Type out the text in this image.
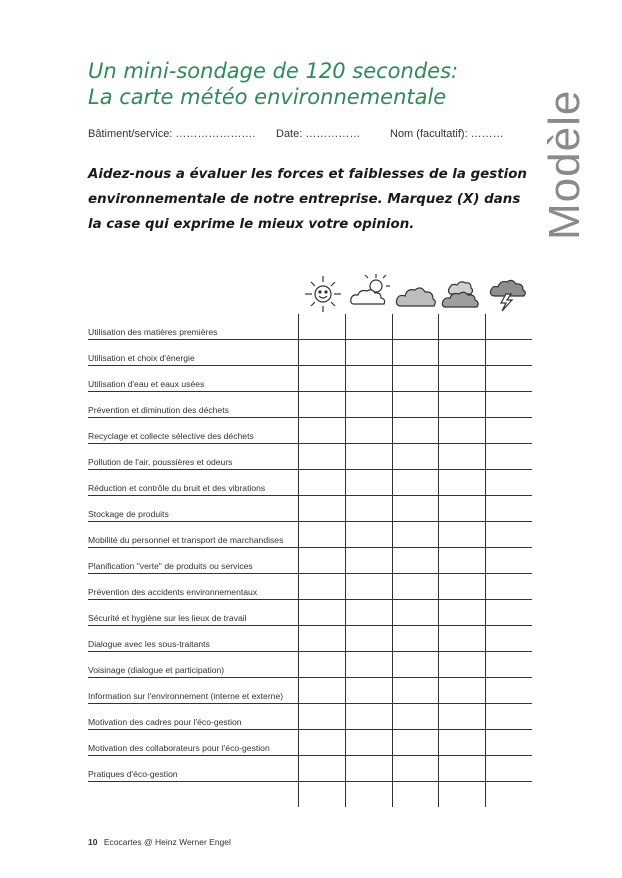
Un mini-sondage de 120 secondes:
La carte météo environnementale	Modèle
Bâtiment/service: …………………. Date: ……………	Nom (facultatif): ………
Aidez-nous a évaluer les forces et faiblesses de la gestion environnementale de notre entreprise. Marquez (X) dans la case qui exprime le mieux votre opinion.
Utilisation des matières premières					
Utilisation et choix d'énergie					
Utilisation d'eau et eaux usées					
Prévention et diminution des déchets					
Recyclage et collecte sélective des déchets					
Pollution de l'air, poussières et odeurs					
Réduction et contrôle du bruit et des vibrations					
Stockage de produits					
Mobilité du personnel et transport de marchandises					
Planification "verte" de produits ou services					
Prévention des accidents environnementaux					
Sécurité et hygiène sur les lieux de travail					
Dialogue avec les sous-traitants					
Voisinage (dialogue et participation)					
Information sur l'environnement (interne et externe)					
Motivation des cadres pour l'éco-gestion					
Motivation des collaborateurs pour l'éco-gestion					
Pratiques d'éco-gestion					

10 Ecocartes @ Heinz Werner Engel
